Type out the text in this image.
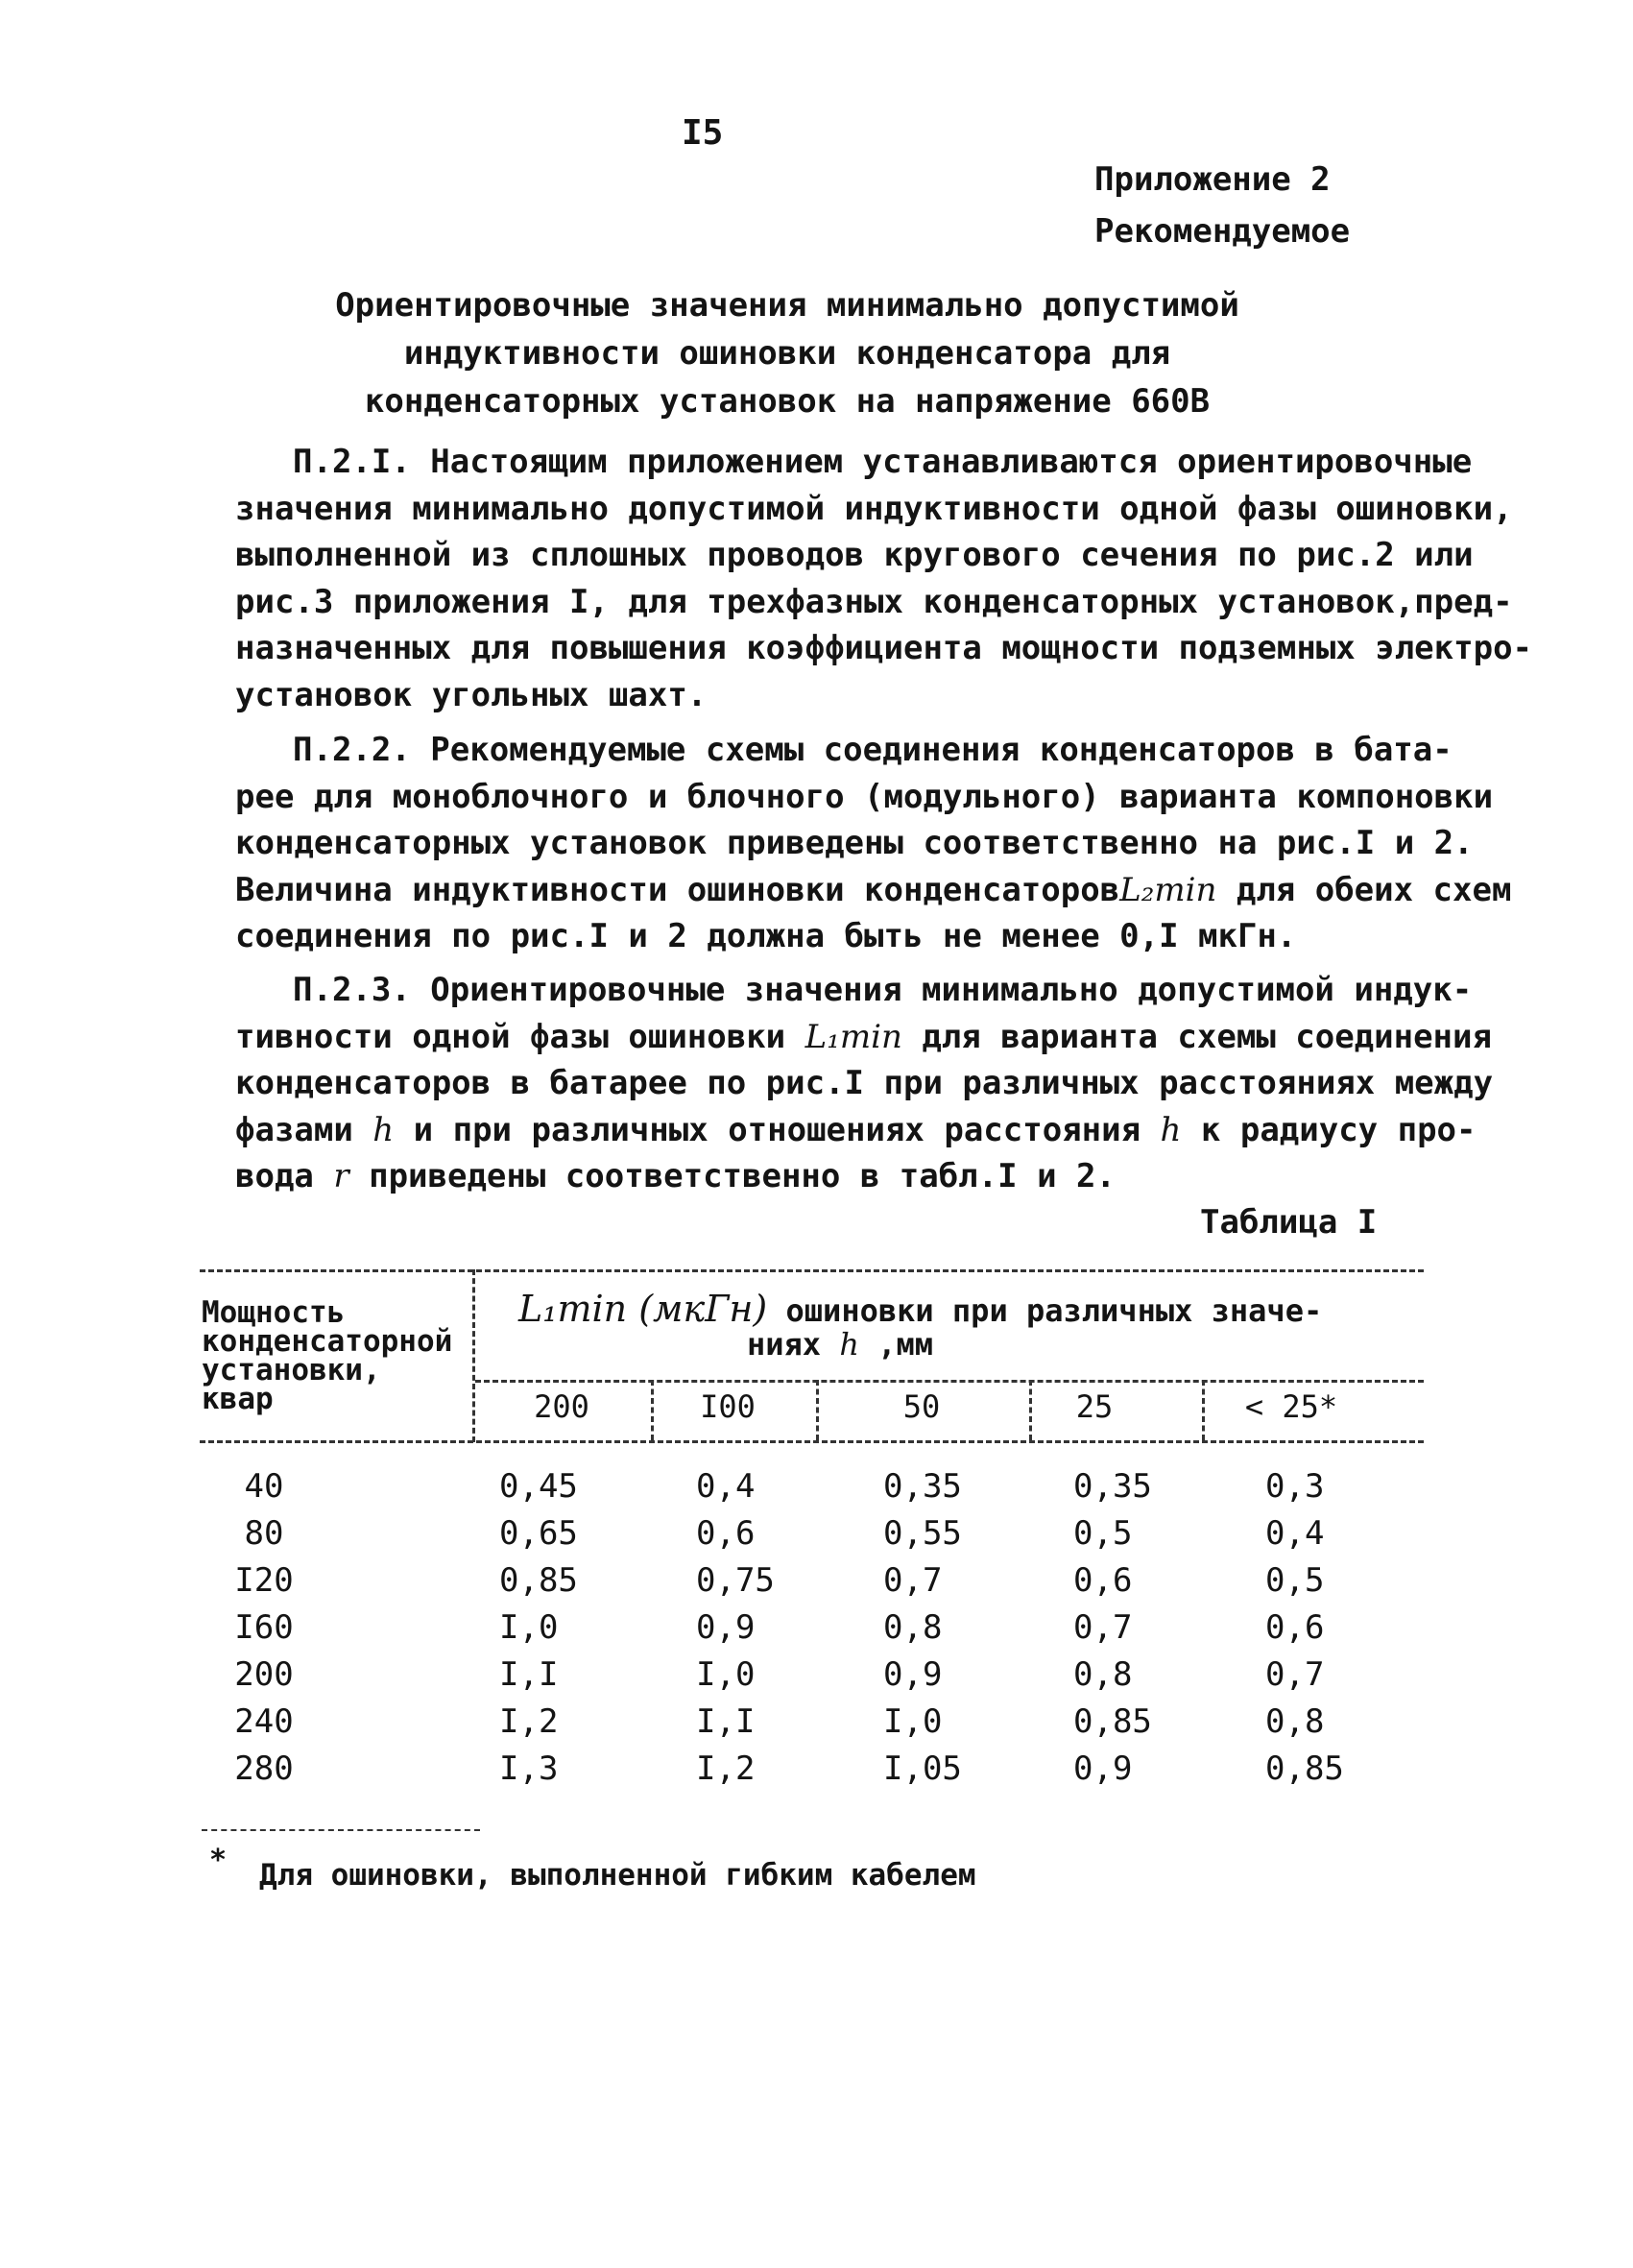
I5
Приложение 2
Рекомендуемое
Ориентировочные значения минимально допустимой
индуктивности ошиновки конденсатора для
конденсаторных установок на напряжение 660В
П.2.I. Настоящим приложением устанавливаются ориентировочные
значения минимально допустимой индуктивности одной фазы ошиновки,
выполненной из сплошных проводов кругового сечения по рис.2 или
рис.3 приложения I, для трехфазных конденсаторных установок,пред-
назначенных для повышения коэффициента мощности подземных электро-
установок угольных шахт.
П.2.2. Рекомендуемые схемы соединения конденсаторов в бата-
рее для моноблочного и блочного (модульного) варианта компоновки
конденсаторных установок приведены соответственно на рис.I и 2.
Величина индуктивности ошиновки конденсаторовL₂min для обеих схем
соединения по рис.I и 2 должна быть не менее 0,I мкГн.
П.2.3. Ориентировочные значения минимально допустимой индук-
тивности одной фазы ошиновки L₁min для варианта схемы соединения
конденсаторов в батарее по рис.I при различных расстояниях между
фазами h и при различных отношениях расстояния h к радиусу про-
вода r приведены соответственно в табл.I и 2.
Таблица I
Мощность
конденсаторной
установки,
квар
L₁min (мкГн) ошиновки при различных значе-
ниях h ,мм
200	I00	50	25	< 25*
40	0,45	0,4	0,35	0,35	0,3
80	0,65	0,6	0,55	0,5	0,4
I20	0,85	0,75	0,7	0,6	0,5
I60	I,0	0,9	0,8	0,7	0,6
200	I,I	I,0	0,9	0,8	0,7
240	I,2	I,I	I,0	0,85	0,8
280	I,3	I,2	I,05	0,9	0,85
* Для ошиновки, выполненной гибким кабелем
